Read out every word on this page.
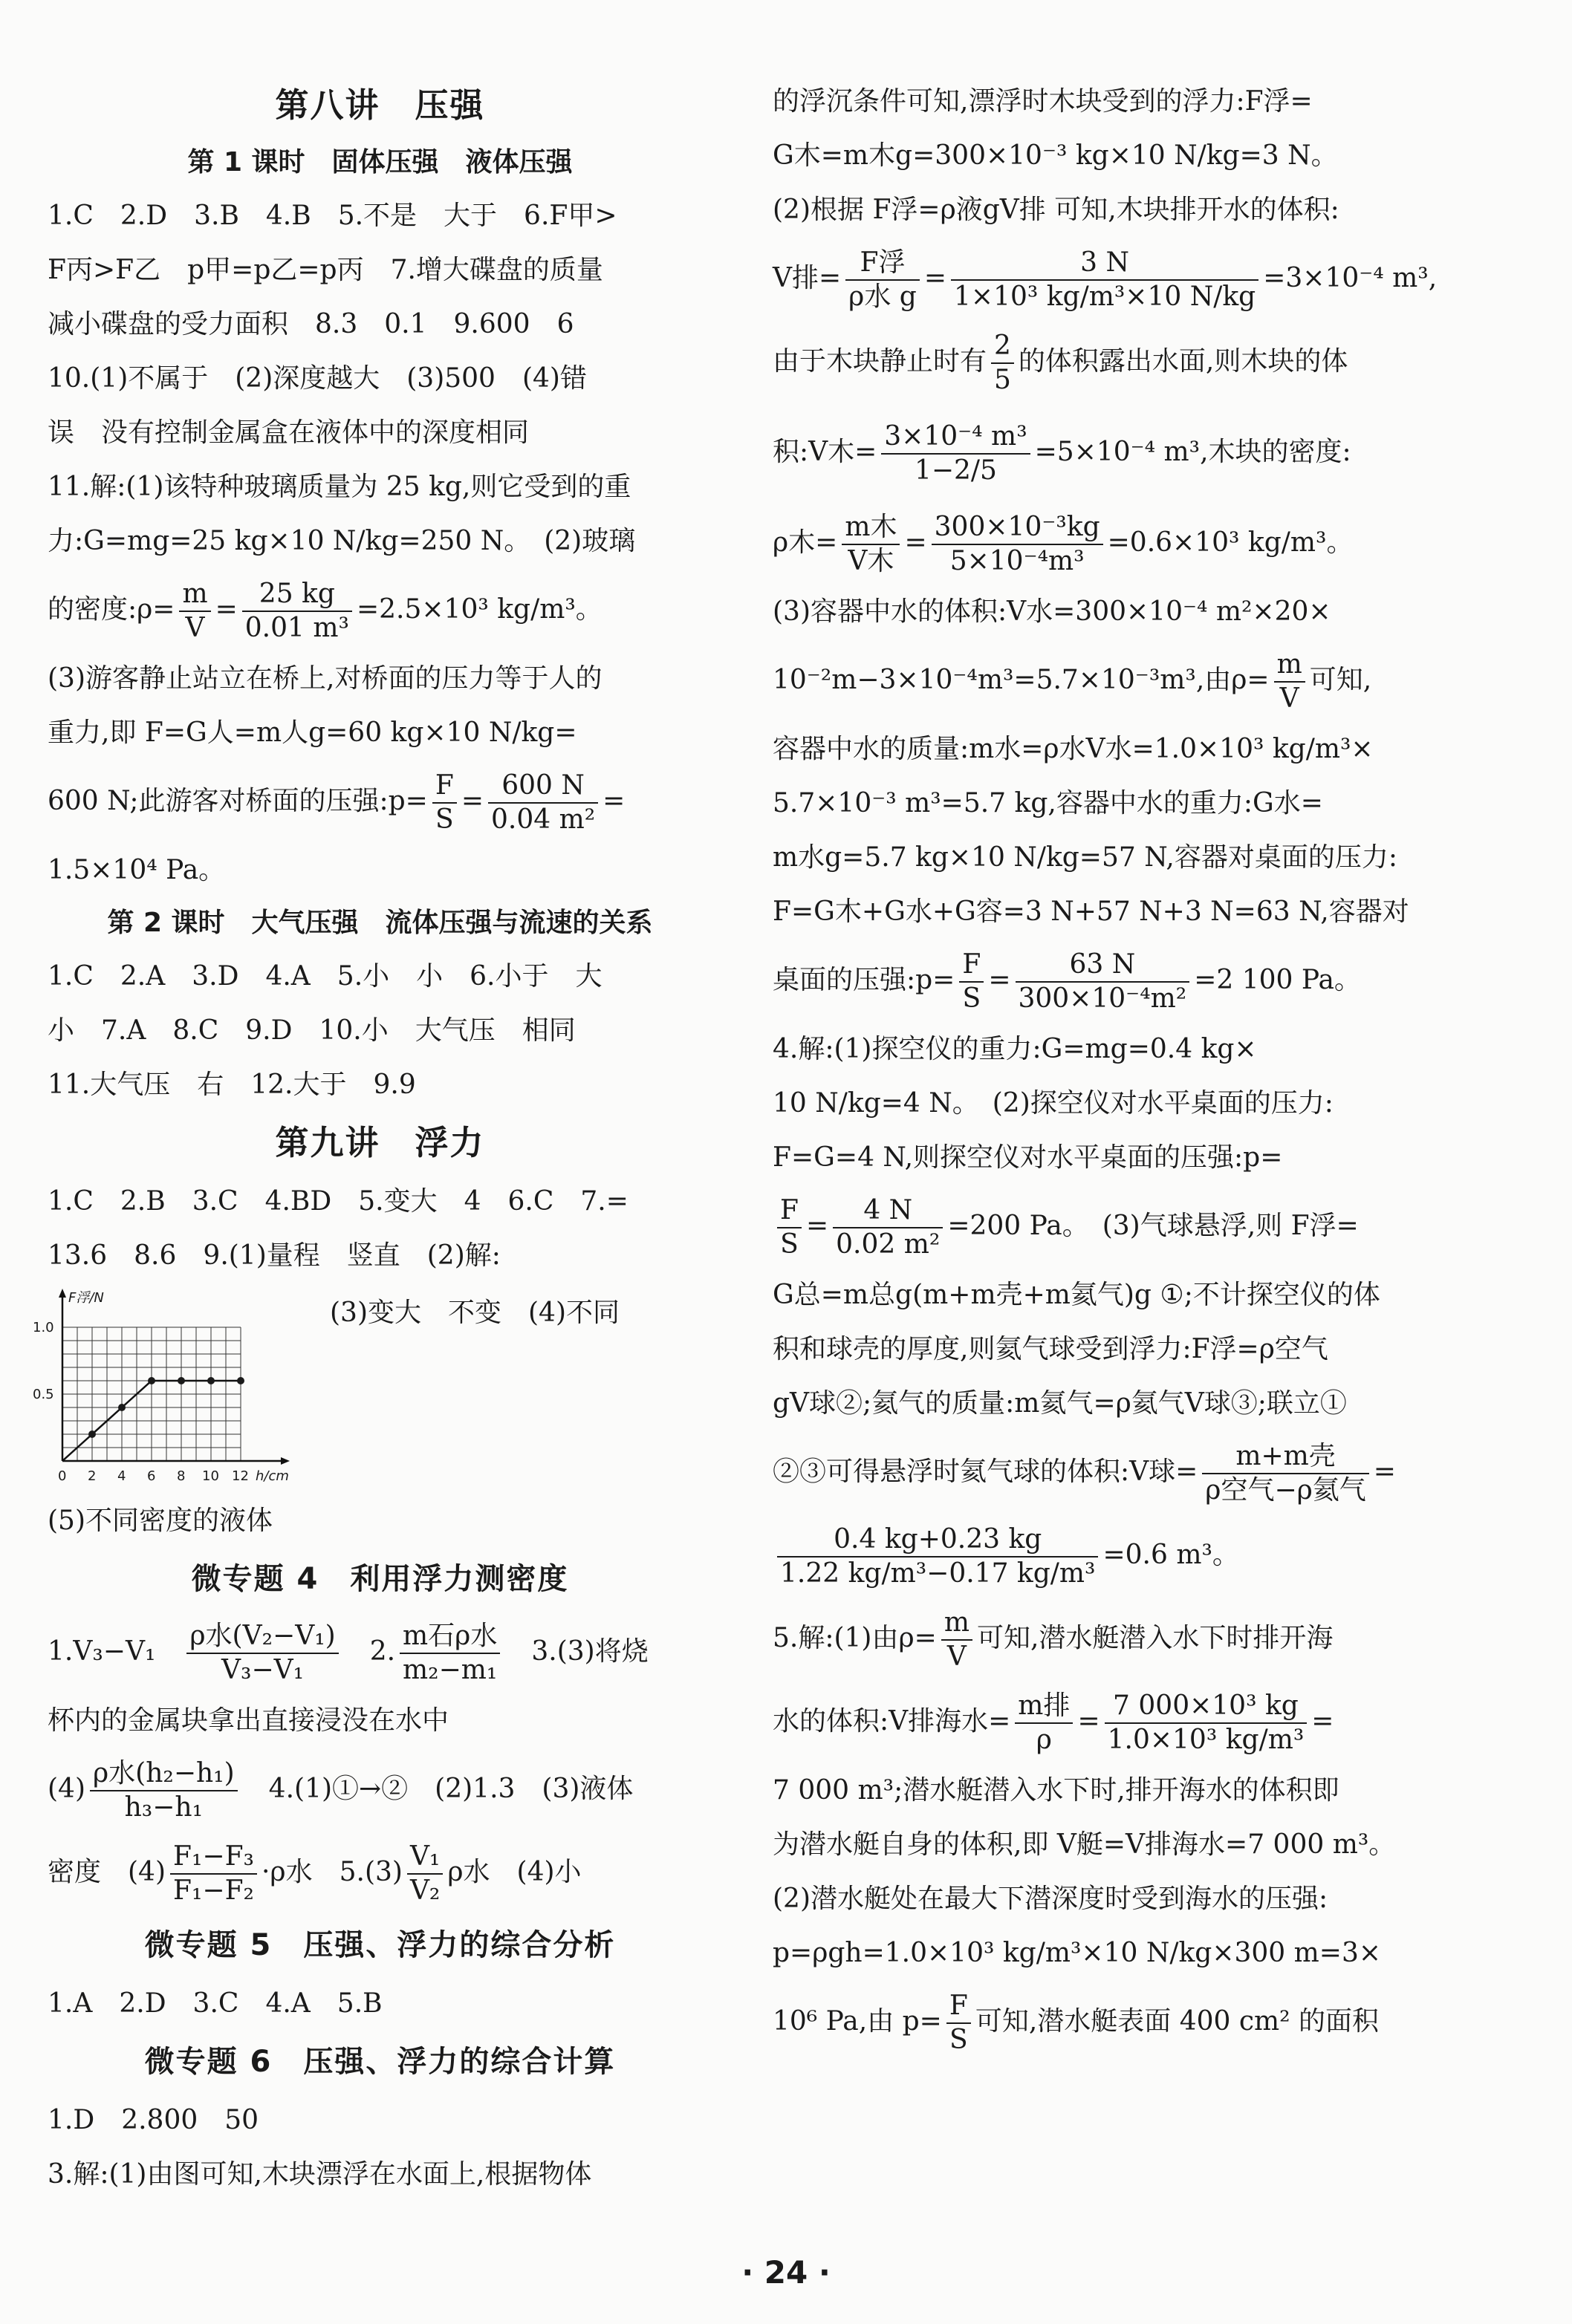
第八讲　压强
第 1 课时　固体压强　液体压强
1.C　2.D　3.B　4.B　5.不是　大于　6.F甲>
F丙>F乙　p甲=p乙=p丙　7.增大碟盘的质量
减小碟盘的受力面积　8.3　0.1　9.600　6
10.(1)不属于　(2)深度越大　(3)500　(4)错
误　没有控制金属盒在液体中的深度相同
11.解:(1)该特种玻璃质量为 25 kg,则它受到的重
力:G=mg=25 kg×10 N/kg=250 N。　(2)玻璃
的密度:ρ= $\frac{m}{V} = \frac{25 kg}{\text{0.01 m³}} =2.5\times 10^3$ kg/m³。
(3)游客静止站立在桥上,对桥面的压力等于人的
重力,即 F=G人=m人g=60 kg×10 N/kg=
600 N;此游客对桥面的压强:p= $\frac{F}{S} = \frac{600 N}{\text{0.04 m²}}$ =
1.5×10⁴ Pa。
第 2 课时　大气压强　流体压强与流速的关系
1.C　2.A　3.D　4.A　5.小　小　6.小于　大
小　7.A　8.C　9.D　10.小　大气压　相同
11.大气压　右　12.大于　9.9
第九讲　浮力
1.C　2.B　3.C　4.BD　5.变大　4　6.C　7.=
13.6　8.6　9.(1)量程　竖直　(2)解:
F浮/N
h/cm
1.0
0.5
0 2 4 6 8 10 12
(3)变大　不变　(4)不同
(5)不同密度的液体
微专题 4　利用浮力测密度
1.V₃−V₁　 $\frac{\text{ρ水(V₂−V₁)}}{\text{V₃−V₁}}$
　 2. $\frac{\text{m石ρ水}}{\text{m₂−m₁}}$
　 3.(3)将烧
杯内的金属块拿出直接浸没在水中
$(4) \frac{\text{ρ水(h₂−h₁)}}{\text{h₃−h₁}}$
　 4.(1)①→②　(2)1.3　(3)液体
密度　$(4) \frac{\text{F₁−F₃}}{\text{F₁−F₂}} \cdot\rho$水　$5.(3) \frac{\text{V₁}}{\text{V₂}}$ ρ水　(4)小
微专题 5　压强、浮力的综合分析
1.A　2.D　3.C　4.A　5.B
微专题 6　压强、浮力的综合计算
1.D　2.800　50
3.解:(1)由图可知,木块漂浮在水面上,根据物体
的浮沉条件可知,漂浮时木块受到的浮力:F浮=
G木=m木g=300×10⁻³ kg×10 N/kg=3 N。
(2)根据 F浮=ρ液gV排 可知,木块排开水的体积:
V排= $\frac{\text{F浮}}{\text{ρ水 g}} = \frac{3 N}{\text{1×10³ kg/m³×10 N/kg}} =3\times 10^{-4}$ m³,
由于木块静止时有 $\frac{2}{5}$ 的体积露出水面,则木块的体
积:V木= $\frac{\text{3×10⁻⁴ m³}}{1-2/5} =5\times 10^{-4}$ m³,木块的密度:
ρ木= $\frac{\text{m木}}{\text{V木}} = \frac{\text{300×10⁻³kg}}{\text{5×10⁻⁴m³}} =0.6\times 10^3$ kg/m³。
(3)容器中水的体积:V水=300×10⁻⁴ m²×20×
10⁻²m−3×10⁻⁴m³=5.7×10⁻³m³,由$\rho= \frac{m}{V}$ 可知,
容器中水的质量:m水=ρ水V水=1.0×10³ kg/m³×
5.7×10⁻³ m³=5.7 kg,容器中水的重力:G水=
m水g=5.7 kg×10 N/kg=57 N,容器对桌面的压力:
F=G木+G水+G容=3 N+57 N+3 N=63 N,容器对
桌面的压强:p= $\frac{F}{S} = \frac{63 N}{\text{300×10⁻⁴m²}} =2$ 100 Pa。
4.解:(1)探空仪的重力:G=mg=0.4 kg×
10 N/kg=4 N。　(2)探空仪对水平桌面的压力:
F=G=4 N,则探空仪对水平桌面的压强:p=
$\frac{F}{S} = \frac{4 N}{\text{0.02 m²}} =200$ Pa。　(3)气球悬浮,则 F浮=
G总=m总g(m+m壳+m氦气)g ①;不计探空仪的体
积和球壳的厚度,则氦气球受到浮力:F浮=ρ空气
gV球②;氦气的质量:m氦气=ρ氦气V球③;联立①
②③可得悬浮时氦气球的体积:V球= $\frac{\text{m+m壳}}{\text{ρ空气−ρ氦气}}$ =
$\frac{0.4 kg+0.23 kg}{\text{1.22 kg/m³−0.17 kg/m³}} =0.6$ m³。
5.解:(1)由$\rho= \frac{m}{V}$ 可知,潜水艇潜入水下时排开海
水的体积:V排海水= $\frac{\text{m排}}{\rho} = \frac{\text{7 000×10³ kg}}{\text{1.0×10³ kg/m³}}$ =
7 000 m³;潜水艇潜入水下时,排开海水的体积即
为潜水艇自身的体积,即 V艇=V排海水=7 000 m³。
(2)潜水艇处在最大下潜深度时受到海水的压强:
p=ρgh=1.0×10³ kg/m³×10 N/kg×300 m=3×
10⁶ Pa,由 $p= \frac{F}{S}$ 可知,潜水艇表面 400 cm² 的面积
· 24 ·
